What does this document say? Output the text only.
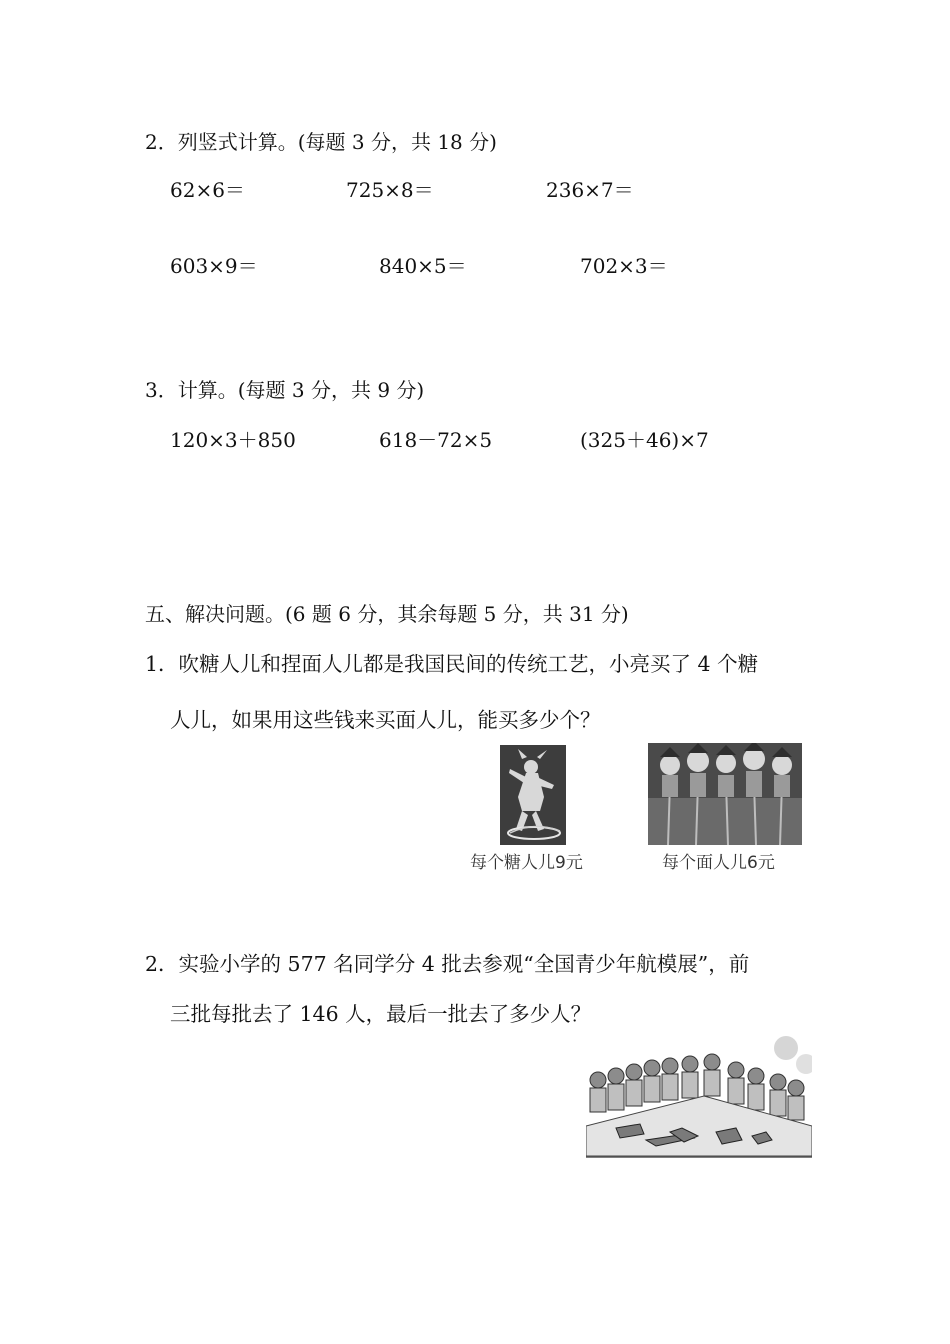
2．列竖式计算。(每题 3 分，共 18 分)
62×6＝	725×8＝	236×7＝
603×9＝	840×5＝	702×3＝
3．计算。(每题 3 分，共 9 分)
120×3＋850	618－72×5	(325＋46)×7
五、解决问题。(6 题 6 分，其余每题 5 分，共 31 分)
1．吹糖人儿和捏面人儿都是我国民间的传统工艺，小亮买了 4 个糖
人儿，如果用这些钱来买面人儿，能买多少个？
每个糖人儿9元	每个面人儿6元
2．实验小学的 577 名同学分 4 批去参观“全国青少年航模展”，前
三批每批去了 146 人，最后一批去了多少人？
